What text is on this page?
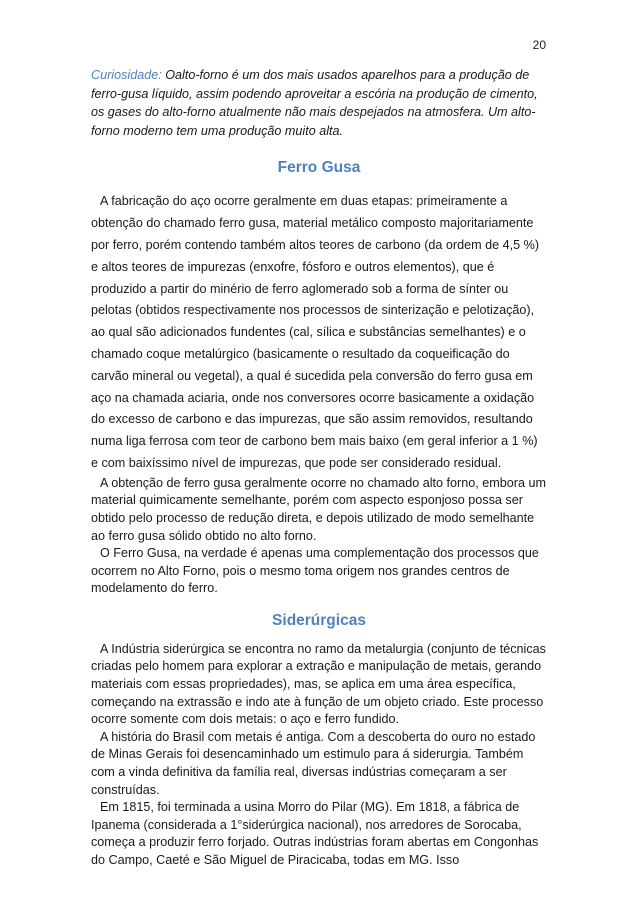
20

Curiosidade: Oalto-forno é um dos mais usados aparelhos para a produção de ferro-gusa líquido, assim podendo aproveitar a escória na produção de cimento, os gases do alto-forno atualmente não mais despejados na atmosfera. Um alto-forno moderno tem uma produção muito alta.

Ferro Gusa

A fabricação do aço ocorre geralmente em duas etapas: primeiramente a obtenção do chamado ferro gusa, material metálico composto majoritariamente por ferro, porém contendo também altos teores de carbono (da ordem de 4,5 %) e altos teores de impurezas (enxofre, fósforo e outros elementos), que é produzido a partir do minério de ferro aglomerado sob a forma de sínter ou pelotas (obtidos respectivamente nos processos de sinterização e pelotização), ao qual são adicionados fundentes (cal, sílica e substâncias semelhantes) e o chamado coque metalúrgico (basicamente o resultado da coqueificação do carvão mineral ou vegetal), a qual é sucedida pela conversão do ferro gusa em aço na chamada aciaria, onde nos conversores ocorre basicamente a oxidação do excesso de carbono e das impurezas, que são assim removidos, resultando numa liga ferrosa com teor de carbono bem mais baixo (em geral inferior a 1 %) e com baixíssimo nível de impurezas, que pode ser considerado residual.

A obtenção de ferro gusa geralmente ocorre no chamado alto forno, embora um material quimicamente semelhante, porém com aspecto esponjoso possa ser obtido pelo processo de redução direta, e depois utilizado de modo semelhante ao ferro gusa sólido obtido no alto forno.

O Ferro Gusa, na verdade é apenas uma complementação dos processos que ocorrem no Alto Forno, pois o mesmo toma origem nos grandes centros de modelamento do ferro.

Siderúrgicas

A Indústria siderúrgica se encontra no ramo da metalurgia (conjunto de técnicas criadas pelo homem para explorar a extração e manipulação de metais, gerando materiais com essas propriedades), mas, se aplica em uma área específica, começando na extrassão e indo ate à função de um objeto criado. Este processo ocorre somente com dois metais: o aço e ferro fundido.

A história do Brasil com metais é antiga. Com a descoberta do ouro no estado de Minas Gerais foi desencaminhado um estimulo para á siderurgia. Também com a vinda definitiva da família real, diversas indústrias começaram a ser construídas.

Em 1815, foi terminada a usina Morro do Pilar (MG). Em 1818, a fábrica de Ipanema (considerada a 1°siderúrgica nacional), nos arredores de Sorocaba, começa a produzir ferro forjado. Outras indústrias foram abertas em Congonhas do Campo, Caeté e São Miguel de Piracicaba, todas em MG. Isso
